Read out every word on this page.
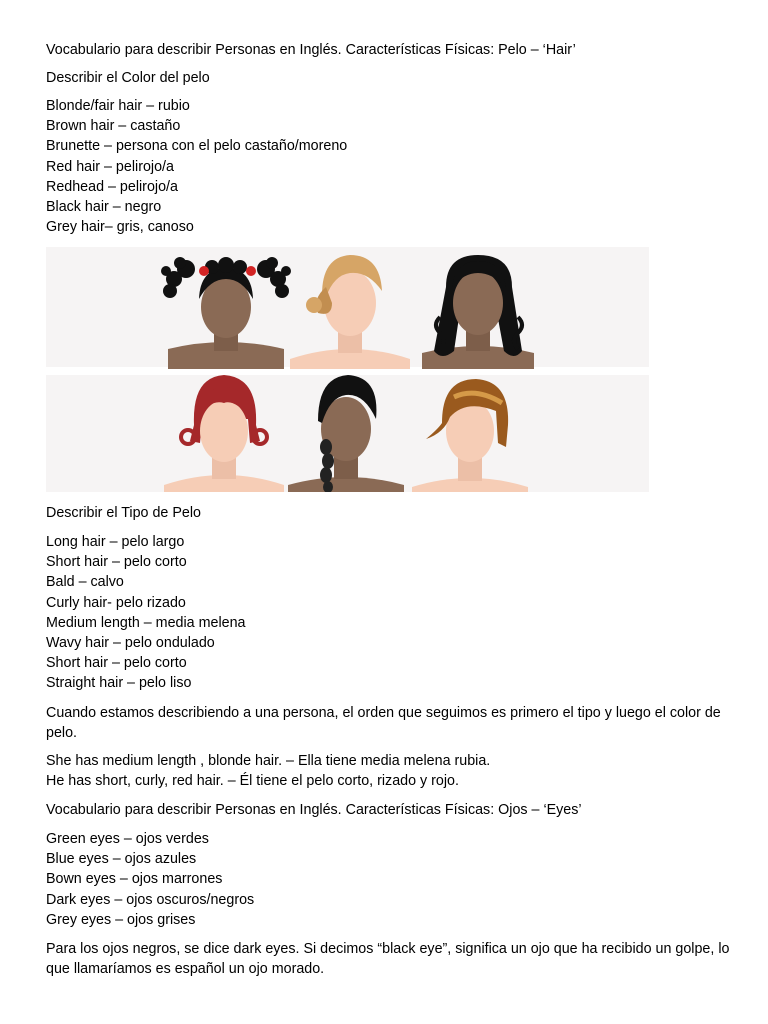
Vocabulario para describir Personas en Inglés. Características Físicas: Pelo – ‘Hair’
Describir el Color del pelo
Blonde/fair hair – rubio
Brown hair – castaño
Brunette – persona con el pelo castaño/moreno
Red hair – pelirojo/a
Redhead – pelirojo/a
Black hair – negro
Grey hair– gris, canoso
Describir el Tipo de Pelo
Long hair – pelo largo
Short hair – pelo corto
Bald – calvo
Curly hair- pelo rizado
Medium length – media melena
Wavy hair – pelo ondulado
Short hair – pelo corto
Straight hair – pelo liso
Cuando estamos describiendo a una persona, el orden que seguimos es primero el tipo y luego el color de pelo.
She has medium length , blonde hair. – Ella tiene media melena rubia.
He has short, curly, red hair. – Él tiene el pelo corto, rizado y rojo.
Vocabulario para describir Personas en Inglés. Características Físicas: Ojos – ‘Eyes’
Green eyes – ojos verdes
Blue eyes – ojos azules
Bown eyes – ojos marrones
Dark eyes – ojos oscuros/negros
Grey eyes – ojos grises
Para los ojos negros, se dice dark eyes. Si decimos “black eye”, significa un ojo que ha recibido un golpe, lo que llamaríamos es español un ojo morado.
